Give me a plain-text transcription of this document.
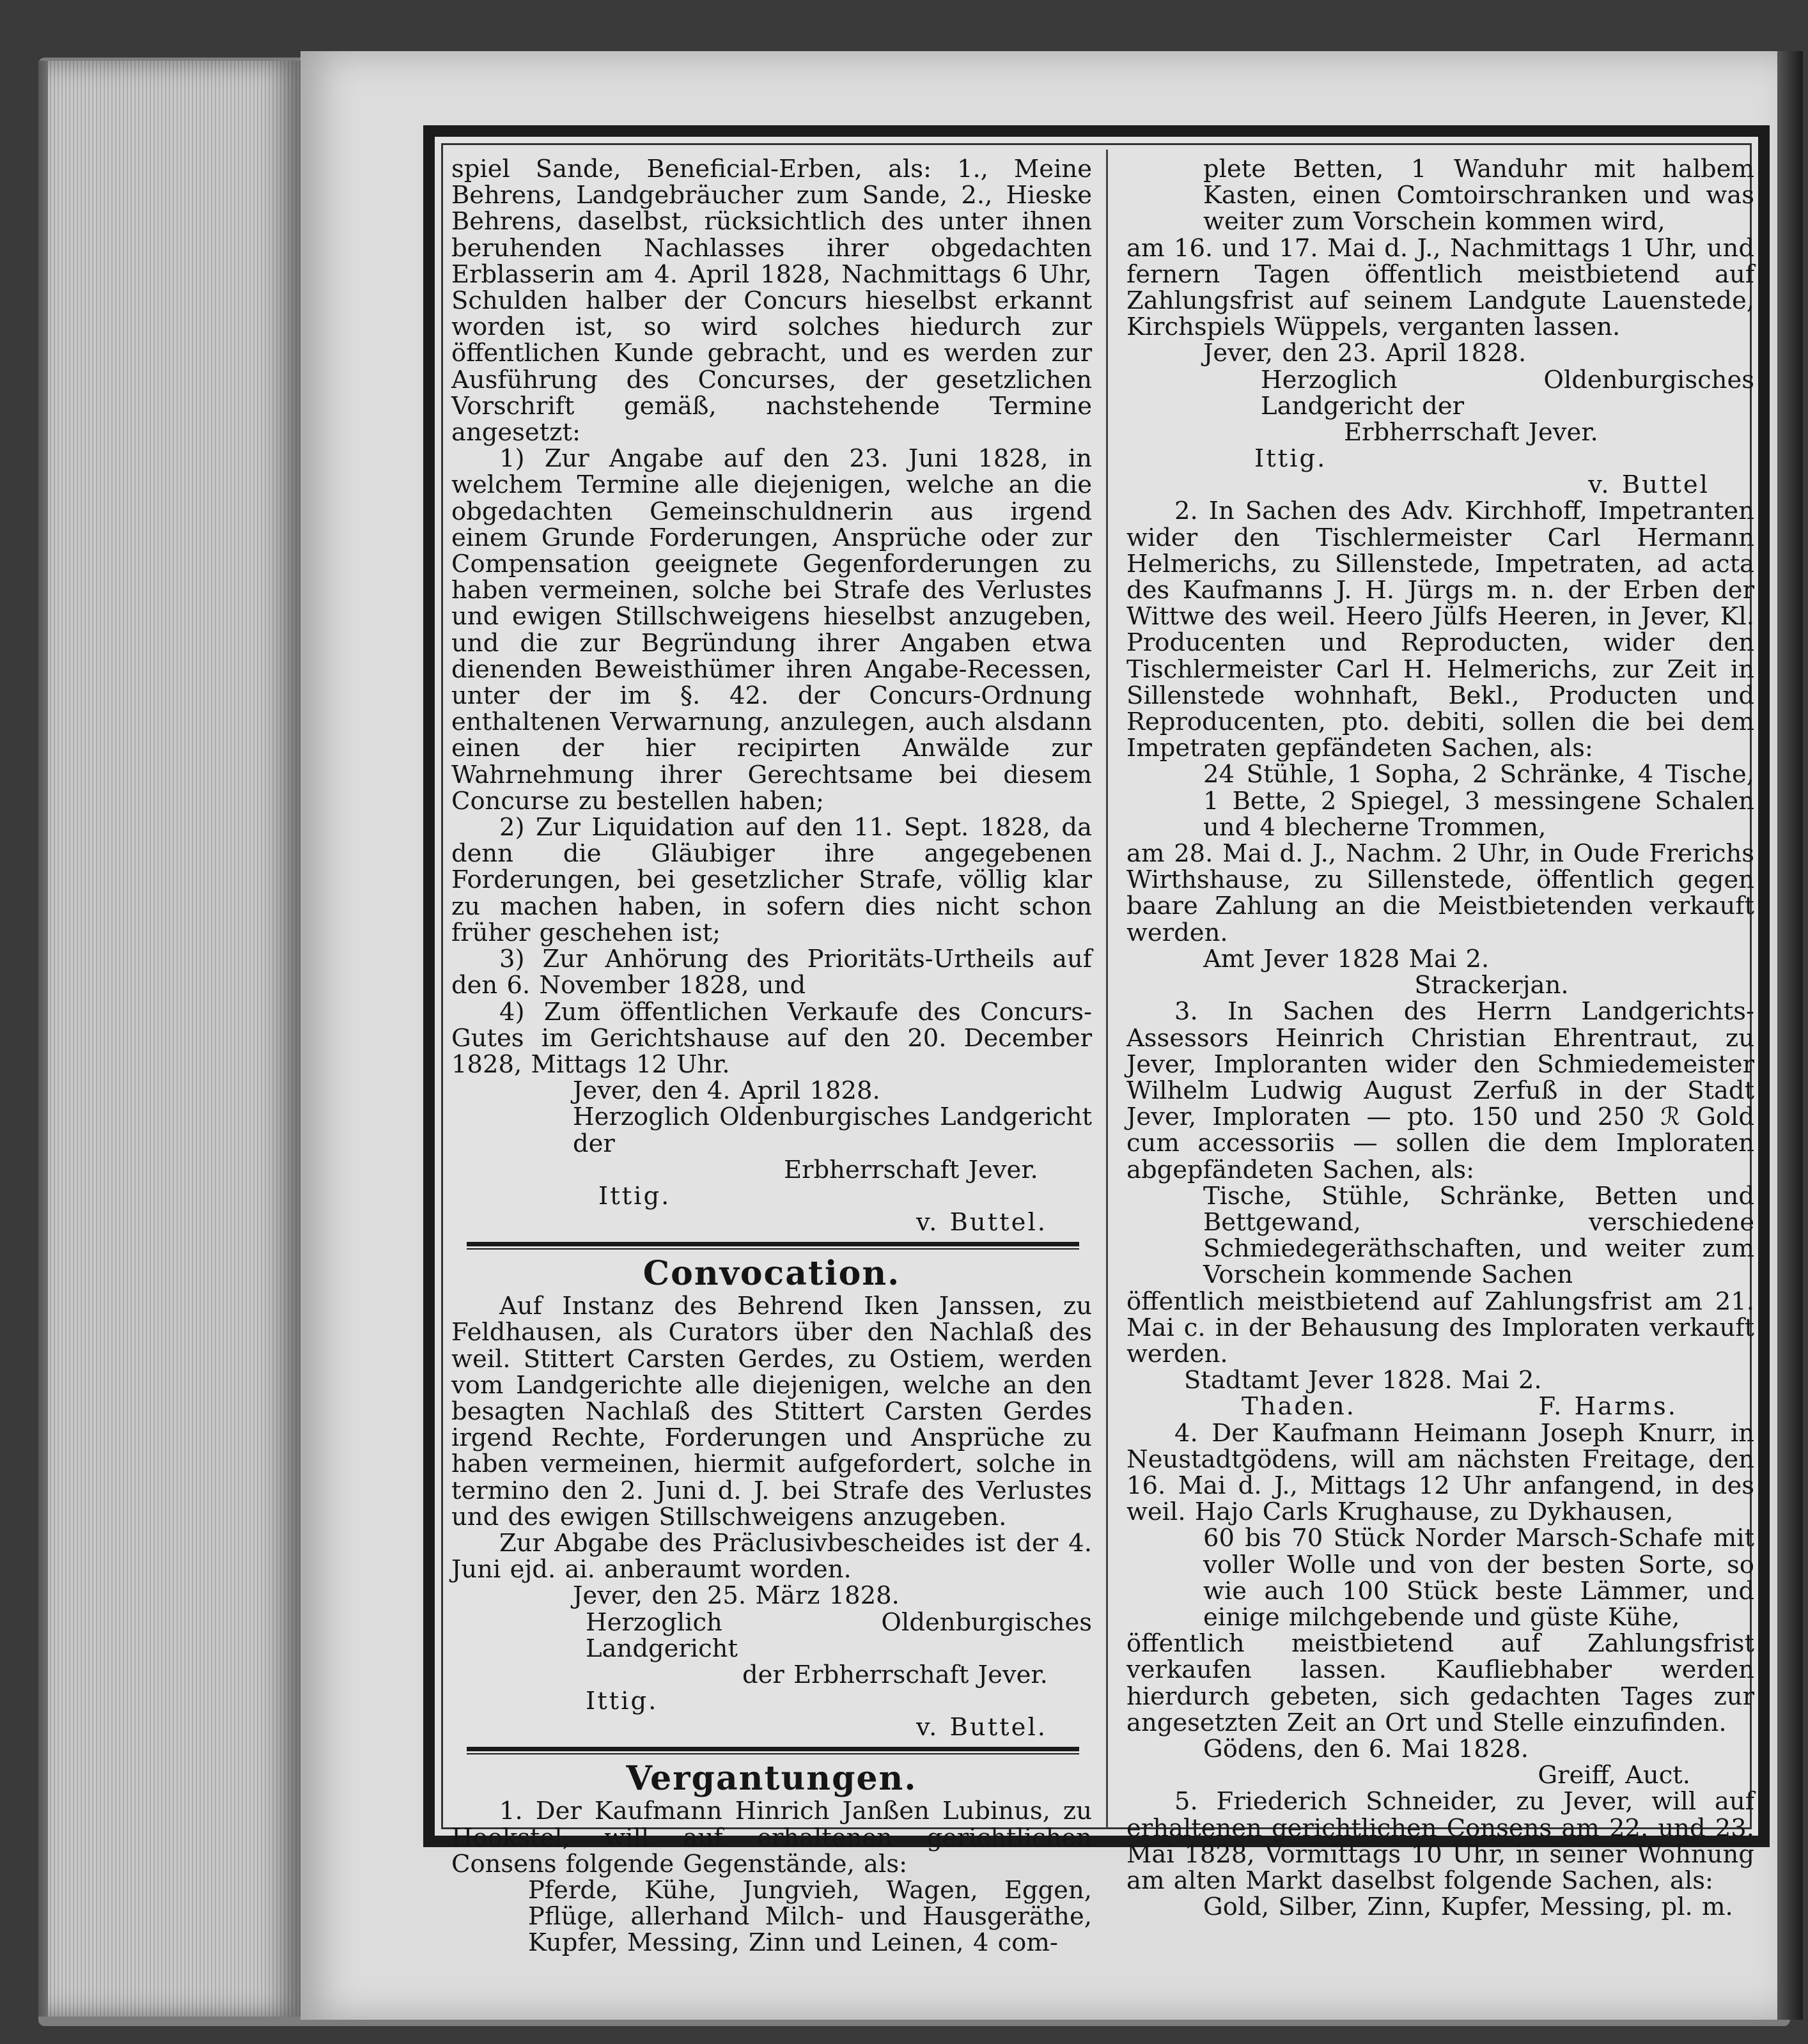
spiel Sande, Beneficial-Erben, als: 1., Meine Behrens, Landgebräucher zum Sande, 2., Hieske Behrens, daselbst, rücksichtlich des unter ihnen beruhenden Nachlasses ihrer obgedachten Erblasserin am 4. April 1828, Nachmittags 6 Uhr, Schulden halber der Concurs hieselbst erkannt worden ist, so wird solches hiedurch zur öffentlichen Kunde gebracht, und es werden zur Ausführung des Concurses, der gesetzlichen Vorschrift gemäß, nachstehende Termine angesetzt:

1) Zur Angabe auf den 23. Juni 1828, in welchem Termine alle diejenigen, welche an die obgedachten Gemeinschuldnerin aus irgend einem Grunde Forderungen, Ansprüche oder zur Compensation geeignete Gegenforderungen zu haben vermeinen, solche bei Strafe des Verlustes und ewigen Stillschweigens hieselbst anzugeben, und die zur Begründung ihrer Angaben etwa dienenden Beweisthümer ihren Angabe-Recessen, unter der im §. 42. der Concurs-Ordnung enthaltenen Verwarnung, anzulegen, auch alsdann einen der hier recipirten Anwälde zur Wahrnehmung ihrer Gerechtsame bei diesem Concurse zu bestellen haben;

2) Zur Liquidation auf den 11. Sept. 1828, da denn die Gläubiger ihre angegebenen Forderungen, bei gesetzlicher Strafe, völlig klar zu machen haben, in sofern dies nicht schon früher geschehen ist;

3) Zur Anhörung des Prioritäts-Urtheils auf den 6. November 1828, und

4) Zum öffentlichen Verkaufe des Concurs-Gutes im Gerichtshause auf den 20. December 1828, Mittags 12 Uhr.

Jever, den 4. April 1828.

Herzoglich Oldenburgisches Landgericht der

Erbherrschaft Jever.

Ittig.
v. Buttel.
Convocation.

Auf Instanz des Behrend Iken Janssen, zu Feldhausen, als Curators über den Nachlaß des weil. Stittert Carsten Gerdes, zu Ostiem, werden vom Landgerichte alle diejenigen, welche an den besagten Nachlaß des Stittert Carsten Gerdes irgend Rechte, Forderungen und Ansprüche zu haben vermeinen, hiermit aufgefordert, solche in termino den 2. Juni d. J. bei Strafe des Verlustes und des ewigen Stillschweigens anzugeben.

Zur Abgabe des Präclusivbescheides ist der 4. Juni ejd. ai. anberaumt worden.

Jever, den 25. März 1828.

Herzoglich Oldenburgisches Landgericht

der Erbherrschaft Jever.

Ittig.
v. Buttel.
Vergantungen.

1. Der Kaufmann Hinrich Janßen Lubinus, zu Hookstel, will auf erhaltenen gerichtlichen Consens folgende Gegenstände, als:

Pferde, Kühe, Jungvieh, Wagen, Eggen, Pflüge, allerhand Milch- und Hausgeräthe, Kupfer, Messing, Zinn und Leinen, 4 com-

plete Betten, 1 Wanduhr mit halbem Kasten, einen Comtoirschranken und was weiter zum Vorschein kommen wird,

am 16. und 17. Mai d. J., Nachmittags 1 Uhr, und fernern Tagen öffentlich meistbietend auf Zahlungsfrist auf seinem Landgute Lauenstede, Kirchspiels Wüppels, verganten lassen.

Jever, den 23. April 1828.

Herzoglich Oldenburgisches Landgericht der

Erbherrschaft Jever.

Ittig.
v. Buttel

2. In Sachen des Adv. Kirchhoff, Impetranten wider den Tischlermeister Carl Hermann Helmerichs, zu Sillenstede, Impetraten, ad acta des Kaufmanns J. H. Jürgs m. n. der Erben der Wittwe des weil. Heero Jülfs Heeren, in Jever, Kl. Producenten und Reproducten, wider den Tischlermeister Carl H. Helmerichs, zur Zeit in Sillenstede wohnhaft, Bekl., Producten und Reproducenten, pto. debiti, sollen die bei dem Impetraten gepfändeten Sachen, als:

24 Stühle, 1 Sopha, 2 Schränke, 4 Tische, 1 Bette, 2 Spiegel, 3 messingene Schalen und 4 blecherne Trommen,

am 28. Mai d. J., Nachm. 2 Uhr, in Oude Frerichs Wirthshause, zu Sillenstede, öffentlich gegen baare Zahlung an die Meistbietenden verkauft werden.

Amt Jever 1828 Mai 2.

Strackerjan.

3. In Sachen des Herrn Landgerichts-Assessors Heinrich Christian Ehrentraut, zu Jever, Imploranten wider den Schmiedemeister Wilhelm Ludwig August Zerfuß in der Stadt Jever, Imploraten — pto. 150 und 250 ℛ Gold cum accessoriis — sollen die dem Imploraten abgepfändeten Sachen, als:

Tische, Stühle, Schränke, Betten und Bettgewand, verschiedene Schmiedegeräthschaften, und weiter zum Vorschein kommende Sachen

öffentlich meistbietend auf Zahlungsfrist am 21. Mai c. in der Behausung des Imploraten verkauft werden.

Stadtamt Jever 1828. Mai 2.

Thaden.	F. Harms.

4. Der Kaufmann Heimann Joseph Knurr, in Neustadtgödens, will am nächsten Freitage, den 16. Mai d. J., Mittags 12 Uhr anfangend, in des weil. Hajo Carls Krughause, zu Dykhausen,

60 bis 70 Stück Norder Marsch-Schafe mit voller Wolle und von der besten Sorte, so wie auch 100 Stück beste Lämmer, und einige milchgebende und güste Kühe,

öffentlich meistbietend auf Zahlungsfrist verkaufen lassen. Kaufliebhaber werden hierdurch gebeten, sich gedachten Tages zur angesetzten Zeit an Ort und Stelle einzufinden.

Gödens, den 6. Mai 1828.

Greiff, Auct.

5. Friederich Schneider, zu Jever, will auf erhaltenen gerichtlichen Consens am 22. und 23. Mai 1828, Vormittags 10 Uhr, in seiner Wohnung am alten Markt daselbst folgende Sachen, als:

Gold, Silber, Zinn, Kupfer, Messing, pl. m.
